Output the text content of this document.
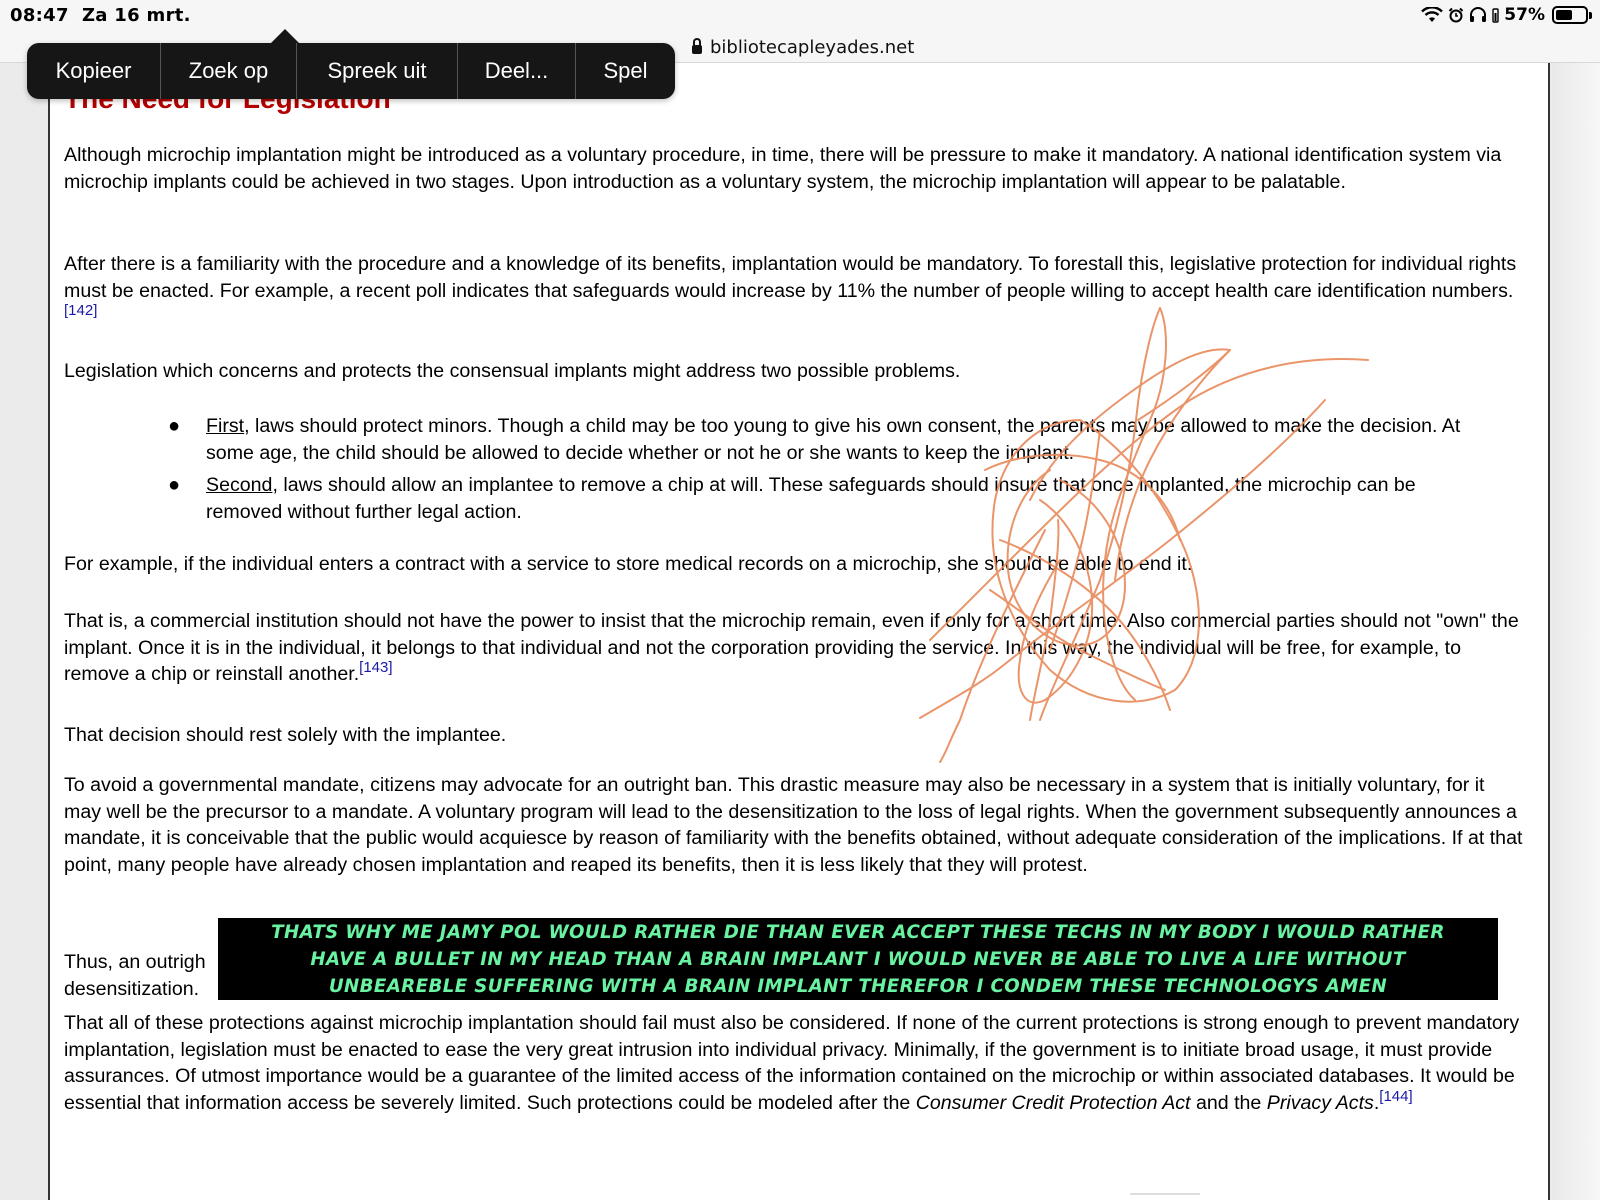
08:47 Za 16 mrt.	57%
bibliotecapleyades.net
Although microchip implantation might be introduced as a voluntary procedure, in time, there will be pressure to make it mandatory. A national identification system via microchip implants could be achieved in two stages. Upon introduction as a voluntary system, the microchip implantation will appear to be palatable.
After there is a familiarity with the procedure and a knowledge of its benefits, implantation would be mandatory. To forestall this, legislative protection for individual rights must be enacted. For example, a recent poll indicates that safeguards would increase by 11% the number of people willing to accept health care identification numbers.[142]
Legislation which concerns and protects the consensual implants might address two possible problems.
● First, laws should protect minors. Though a child may be too young to give his own consent, the parents may be allowed to make the decision. At some age, the child should be allowed to decide whether or not he or she wants to keep the implant.
● Second, laws should allow an implantee to remove a chip at will. These safeguards should insure that once implanted, the microchip can be removed without further legal action.
For example, if the individual enters a contract with a service to store medical records on a microchip, she should be able to end it.
That is, a commercial institution should not have the power to insist that the microchip remain, even if only for a short time. Also commercial parties should not "own" the implant. Once it is in the individual, it belongs to that individual and not the corporation providing the service. In this way, the individual will be free, for example, to remove a chip or reinstall another.[143]
That decision should rest solely with the implantee.
To avoid a governmental mandate, citizens may advocate for an outright ban. This drastic measure may also be necessary in a system that is initially voluntary, for it may well be the precursor to a mandate. A voluntary program will lead to the desensitization to the loss of legal rights. When the government subsequently announces a mandate, it is conceivable that the public would acquiesce by reason of familiarity with the benefits obtained, without adequate consideration of the implications. If at that point, many people have already chosen implantation and reaped its benefits, then it is less likely that they will protest.
Thus, an outrigh
desensitization.
That all of these protections against microchip implantation should fail must also be considered. If none of the current protections is strong enough to prevent mandatory implantation, legislation must be enacted to ease the very great intrusion into individual privacy. Minimally, if the government is to initiate broad usage, it must provide assurances. Of utmost importance would be a guarantee of the limited access of the information contained on the microchip or within associated databases. It would be essential that information access be severely limited. Such protections could be modeled after the Consumer Credit Protection Act and the Privacy Acts.[144]
THATS WHY ME JAMY POL WOULD RATHER DIE THAN EVER ACCEPT THESE TECHS IN MY BODY I WOULD RATHER HAVE A BULLET IN MY HEAD THAN A BRAIN IMPLANT I WOULD NEVER BE ABLE TO LIVE A LIFE WITHOUT UNBEAREBLE SUFFERING WITH A BRAIN IMPLANT THEREFOR I CONDEM THESE TECHNOLOGYS AMEN
Kopieer	Zoek op	Spreek uit	Deel...	Spel
